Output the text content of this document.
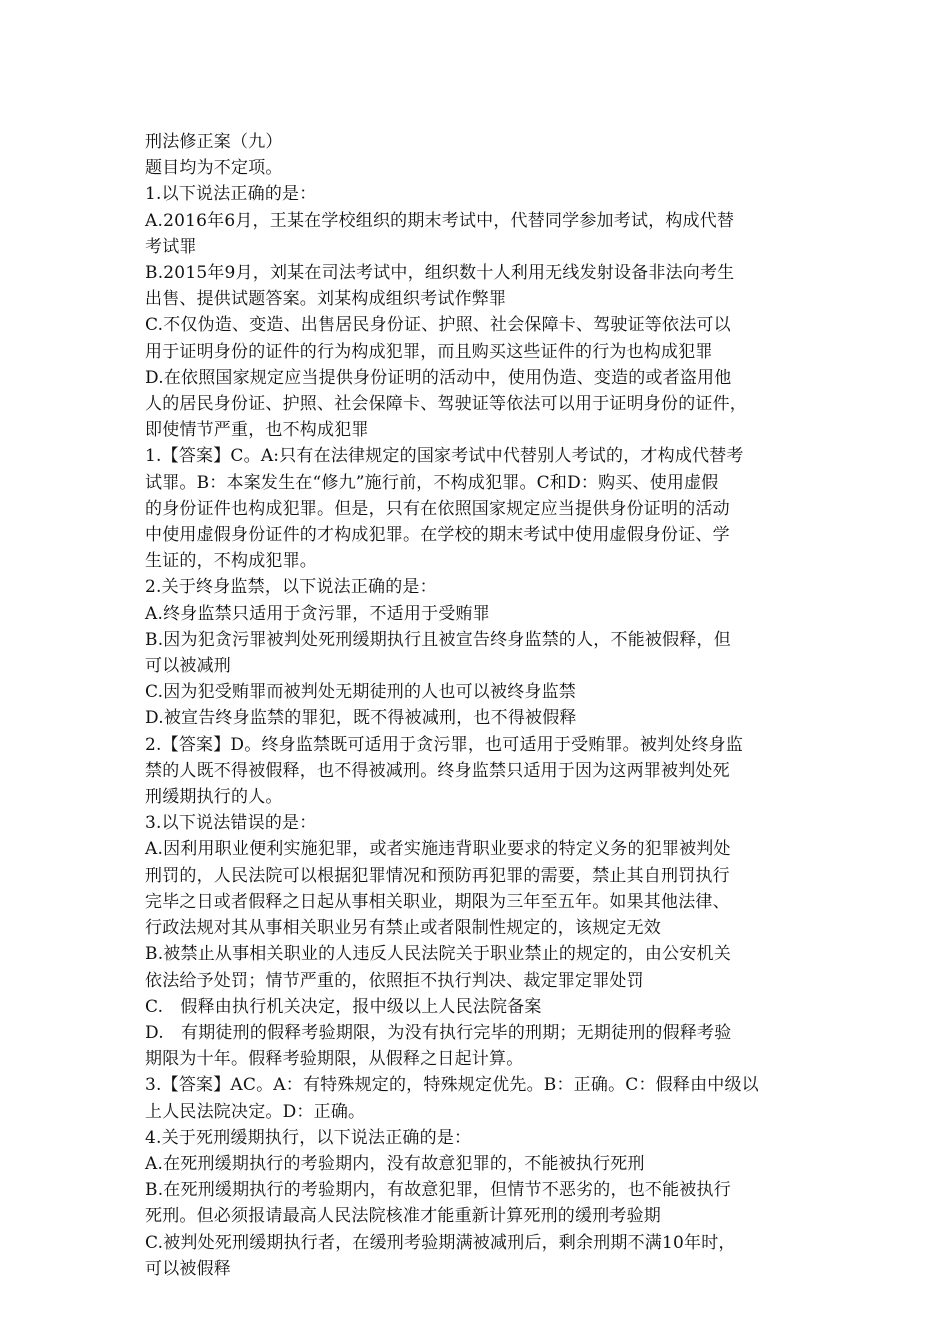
刑法修正案（九）
题目均为不定项。
1.以下说法正确的是：
A.2016年6月，王某在学校组织的期末考试中，代替同学参加考试，构成代替
考试罪
B.2015年9月，刘某在司法考试中，组织数十人利用无线发射设备非法向考生
出售、提供试题答案。刘某构成组织考试作弊罪
C.不仅伪造、变造、出售居民身份证、护照、社会保障卡、驾驶证等依法可以
用于证明身份的证件的行为构成犯罪，而且购买这些证件的行为也构成犯罪
D.在依照国家规定应当提供身份证明的活动中，使用伪造、变造的或者盗用他
人的居民身份证、护照、社会保障卡、驾驶证等依法可以用于证明身份的证件，
即使情节严重，也不构成犯罪
1.【答案】C。A:只有在法律规定的国家考试中代替别人考试的，才构成代替考
试罪。B：本案发生在“修九”施行前，不构成犯罪。C和D：购买、使用虚假
的身份证件也构成犯罪。但是，只有在依照国家规定应当提供身份证明的活动
中使用虚假身份证件的才构成犯罪。在学校的期末考试中使用虚假身份证、学
生证的，不构成犯罪。
2.关于终身监禁，以下说法正确的是：
A.终身监禁只适用于贪污罪，不适用于受贿罪
B.因为犯贪污罪被判处死刑缓期执行且被宣告终身监禁的人，不能被假释，但
可以被减刑
C.因为犯受贿罪而被判处无期徒刑的人也可以被终身监禁
D.被宣告终身监禁的罪犯，既不得被减刑，也不得被假释
2.【答案】D。终身监禁既可适用于贪污罪，也可适用于受贿罪。被判处终身监
禁的人既不得被假释，也不得被减刑。终身监禁只适用于因为这两罪被判处死
刑缓期执行的人。
3.以下说法错误的是：
A.因利用职业便利实施犯罪，或者实施违背职业要求的特定义务的犯罪被判处
刑罚的，人民法院可以根据犯罪情况和预防再犯罪的需要，禁止其自刑罚执行
完毕之日或者假释之日起从事相关职业，期限为三年至五年。如果其他法律、
行政法规对其从事相关职业另有禁止或者限制性规定的，该规定无效
B.被禁止从事相关职业的人违反人民法院关于职业禁止的规定的，由公安机关
依法给予处罚；情节严重的，依照拒不执行判决、裁定罪定罪处罚
C.　假释由执行机关决定，报中级以上人民法院备案
D.　有期徒刑的假释考验期限，为没有执行完毕的刑期；无期徒刑的假释考验
期限为十年。假释考验期限，从假释之日起计算。
3.【答案】AC。A：有特殊规定的，特殊规定优先。B：正确。C：假释由中级以
上人民法院决定。D：正确。
4.关于死刑缓期执行，以下说法正确的是：
A.在死刑缓期执行的考验期内，没有故意犯罪的，不能被执行死刑
B.在死刑缓期执行的考验期内，有故意犯罪，但情节不恶劣的，也不能被执行
死刑。但必须报请最高人民法院核准才能重新计算死刑的缓刑考验期
C.被判处死刑缓期执行者，在缓刑考验期满被减刑后，剩余刑期不满10年时，
可以被假释
